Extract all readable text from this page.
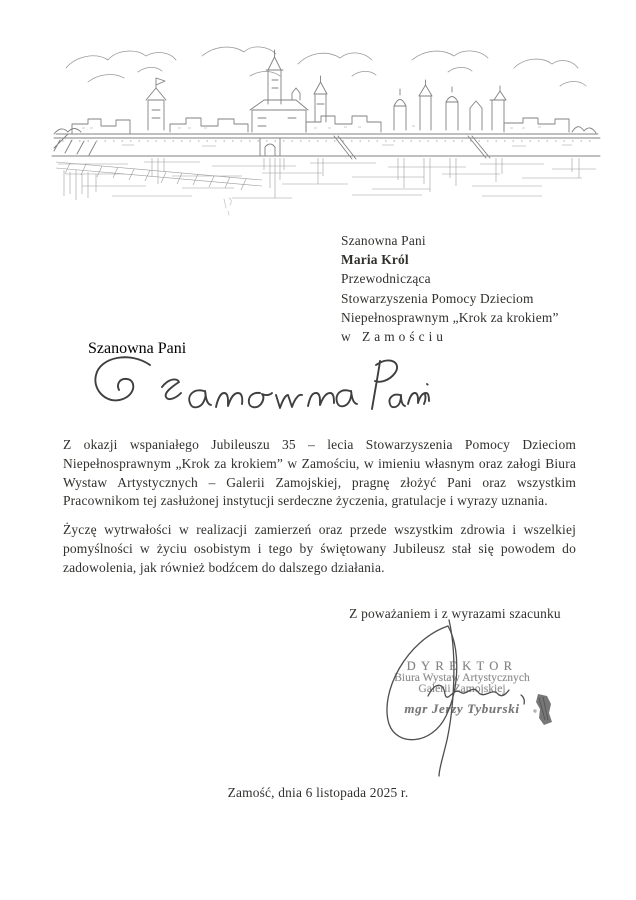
Szanowna Pani
Maria Król
Przewodnicząca
Stowarzyszenia Pomocy Dzieciom
Niepełnosprawnym „Krok za krokiem”
w Zamościu
Szanowna Pani

Z okazji wspaniałego Jubileuszu 35 – lecia Stowarzyszenia Pomocy Dzieciom Niepełnosprawnym „Krok za krokiem” w Zamościu, w imieniu własnym oraz załogi Biura Wystaw Artystycznych – Galerii Zamojskiej, pragnę złożyć Pani oraz wszystkim Pracownikom tej zasłużonej instytucji serdeczne życzenia, gratulacje i wyrazy uznania.

Życzę wytrwałości w realizacji zamierzeń oraz przede wszystkim zdrowia i wszelkiej pomyślności w życiu osobistym i tego by świętowany Jubileusz stał się powodem do zadowolenia, jak również bodźcem do dalszego działania.

Z poważaniem i z wyrazami szacunku
DYREKTOR
Biura Wystaw Artystycznych
Galerii Zamojskiej
mgr Jerzy Tyburski
Zamość, dnia 6 listopada 2025 r.
